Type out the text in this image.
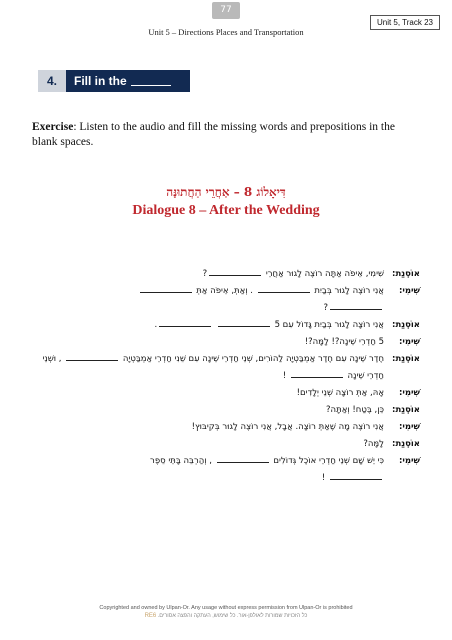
77
Unit 5 – Directions Places and Transportation
Unit 5, Track 23
4.	Fill in the
Exercise: Listen to the audio and fill the missing words and prepositions in the blank spaces.
דִּיאָלוֹג 8 – אַחֲרֵי הַחֲתוּנָּה
Dialogue 8 – After the Wedding
אוֹסְנַת:
שִׁימִי, אֵיפֹה אַתָּה רוֹצֶה לָגוּר אַחֲרֵי ?
שִׁימִי:
אֲנִי רוֹצֶה לָגוּר בְּבַיִת  . וְאַתְּ, אֵיפֹה אַתְּ
?
אוֹסְנַת:
אֲנִי רוֹצָה לָגוּר בְּבַיִת גָּדוֹל עִם 5  .
שִׁימִי:
5 חַדְרֵי שֵׁינָה?! לָמָּה?!
אוֹסְנַת:
חֶדֶר שֵׁינָה עִם חֶדֶר אַמְבַּטְיָה לַהוֹרִים, שְׁנֵי חַדְרֵי שֵׁינָה עִם שֵׁנִי חַדְרֵי אַמְבַּטְיָה  , וּשְׁנֵי חַדְרֵי שֵׁינָה  !
שִׁימִי:
אָהּ, אַתְּ רוֹצָה שְׁנֵי יְלָדִים!
אוֹסְנַת:
כֵּן, בֶּטַח! וְאַתָּה?
שִׁימִי:
אֲנִי רוֹצֶה מָה שֶׁאַתְּ רוֹצָה. אֲבָל, אֲנִי רוֹצֶה לָגוּר בְּקִיבּוּץ!
אוֹסְנַת:
לָמָּה?
שִׁימִי:
כִּי יֵשׁ שָׁם שְׁנֵי חַדְרֵי אוֹכֶל גְּדוֹלִים  , וְהַרְבֵּה בָּתֵּי סֵפֶר
!
Copyrighted and owned by Ulpan-Or. Any usage without express permission from Ulpan-Or is prohibited
כל הזכויות שמורות לאולפן-אור. כל שימוש, העתקה והפצה אסורים. RE6
